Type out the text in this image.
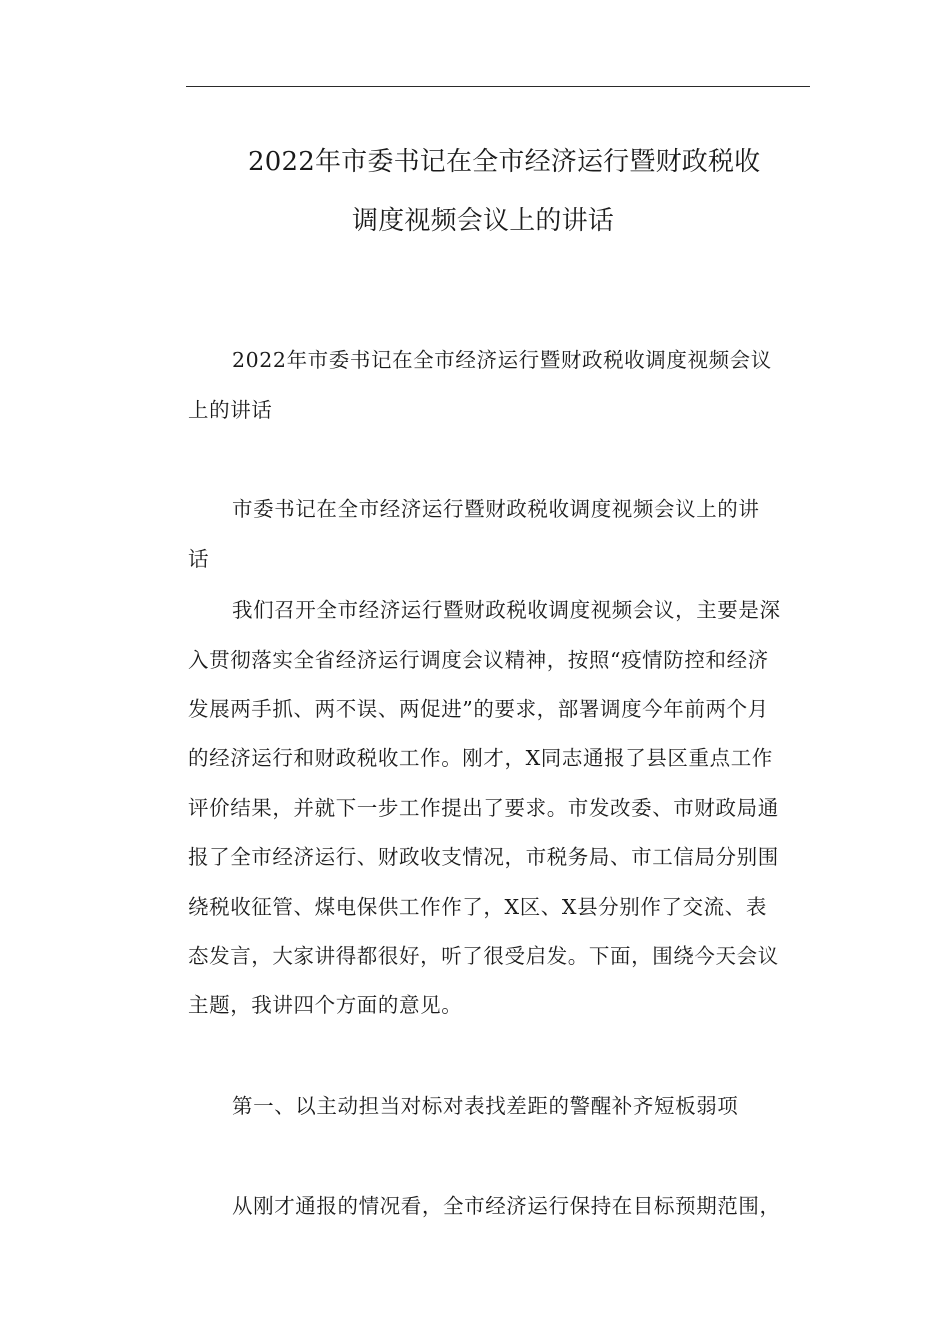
2022年市委书记在全市经济运行暨财政税收
调度视频会议上的讲话
2022年市委书记在全市经济运行暨财政税收调度视频会议
上的讲话
市委书记在全市经济运行暨财政税收调度视频会议上的讲
话
我们召开全市经济运行暨财政税收调度视频会议，主要是深
入贯彻落实全省经济运行调度会议精神，按照“疫情防控和经济
发展两手抓、两不误、两促进”的要求，部署调度今年前两个月
的经济运行和财政税收工作。刚才，X同志通报了县区重点工作
评价结果，并就下一步工作提出了要求。市发改委、市财政局通
报了全市经济运行、财政收支情况，市税务局、市工信局分别围
绕税收征管、煤电保供工作作了，X区、X县分别作了交流、表
态发言，大家讲得都很好，听了很受启发。下面，围绕今天会议
主题，我讲四个方面的意见。
第一、以主动担当对标对表找差距的警醒补齐短板弱项
从刚才通报的情况看，全市经济运行保持在目标预期范围，
